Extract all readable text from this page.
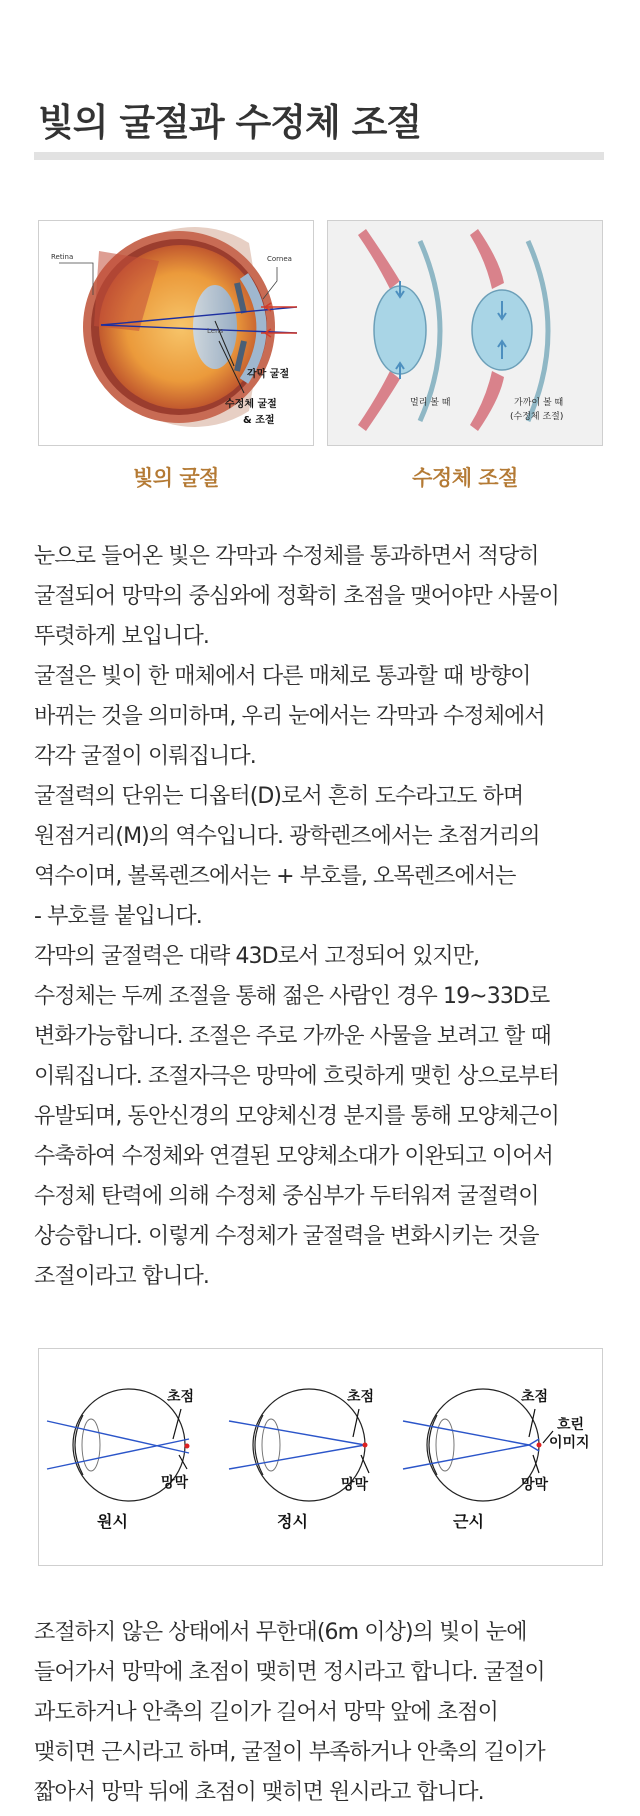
빛의 굴절과 수정체 조절
Retina	Cornea
Lens
각막 굴절
수정체 굴절
& 조절
빛의 굴절
멀리 볼 때	가까이 볼 때
(수정체 조절)
수정체 조절
눈으로 들어온 빛은 각막과 수정체를 통과하면서 적당히
굴절되어 망막의 중심와에 정확히 초점을 맺어야만 사물이
뚜렷하게 보입니다.
굴절은 빛이 한 매체에서 다른 매체로 통과할 때 방향이
바뀌는 것을 의미하며, 우리 눈에서는 각막과 수정체에서
각각 굴절이 이뤄집니다.
굴절력의 단위는 디옵터(D)로서 흔히 도수라고도 하며
원점거리(M)의 역수입니다. 광학렌즈에서는 초점거리의
역수이며, 볼록렌즈에서는 + 부호를, 오목렌즈에서는
- 부호를 붙입니다.
각막의 굴절력은 대략 43D로서 고정되어 있지만,
수정체는 두께 조절을 통해 젊은 사람인 경우 19~33D로
변화가능합니다. 조절은 주로 가까운 사물을 보려고 할 때
이뤄집니다. 조절자극은 망막에 흐릿하게 맺힌 상으로부터
유발되며, 동안신경의 모양체신경 분지를 통해 모양체근이
수축하여 수정체와 연결된 모양체소대가 이완되고 이어서
수정체 탄력에 의해 수정체 중심부가 두터워져 굴절력이
상승합니다. 이렇게 수정체가 굴절력을 변화시키는 것을
조절이라고 합니다.
초점
망막
원시
초점
망막
정시
초점
흐린
이미지
망막
근시
조절하지 않은 상태에서 무한대(6m 이상)의 빛이 눈에
들어가서 망막에 초점이 맺히면 정시라고 합니다. 굴절이
과도하거나 안축의 길이가 길어서 망막 앞에 초점이
맺히면 근시라고 하며, 굴절이 부족하거나 안축의 길이가
짧아서 망막 뒤에 초점이 맺히면 원시라고 합니다.
